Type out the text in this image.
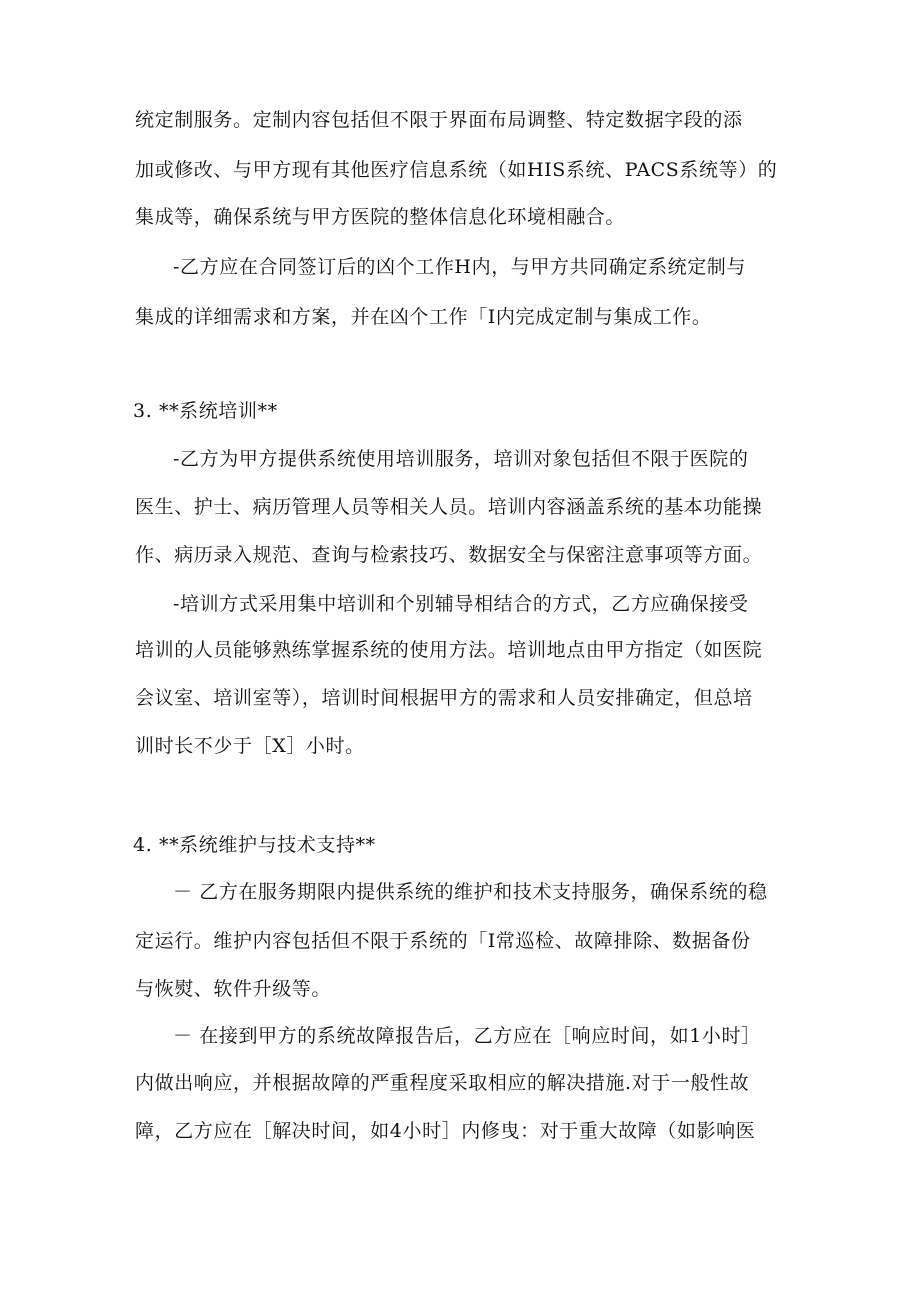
统定制服务。定制内容包括但不限于界面布局调整、特定数据字段的添
加或修改、与甲方现有其他医疗信息系统（如HIS系统、PACS系统等）的
集成等，确保系统与甲方医院的整体信息化环境相融合。
-乙方应在合同签订后的凶个工作H内，与甲方共同确定系统定制与
集成的详细需求和方案，并在凶个工作「I内完成定制与集成工作。
3. **系统培训**
-乙方为甲方提供系统使用培训服务，培训对象包括但不限于医院的
医生、护士、病历管理人员等相关人员。培训内容涵盖系统的基本功能操
作、病历录入规范、查询与检索技巧、数据安全与保密注意事项等方面。
-培训方式采用集中培训和个别辅导相结合的方式，乙方应确保接受
培训的人员能够熟练掌握系统的使用方法。培训地点由甲方指定（如医院
会议室、培训室等），培训时间根据甲方的需求和人员安排确定，但总培
训时长不少于［X］小时。
4. **系统维护与技术支持**
－ 乙方在服务期限内提供系统的维护和技术支持服务，确保系统的稳
定运行。维护内容包括但不限于系统的「I常巡检、故障排除、数据备份
与恢熨、软件升级等。
－ 在接到甲方的系统故障报告后，乙方应在［响应时间，如1小时］
内做出响应，并根据故障的严重程度采取相应的解决措施.对于一般性故
障，乙方应在［解决时间，如4小时］内修曳：对于重大故障（如影响医
